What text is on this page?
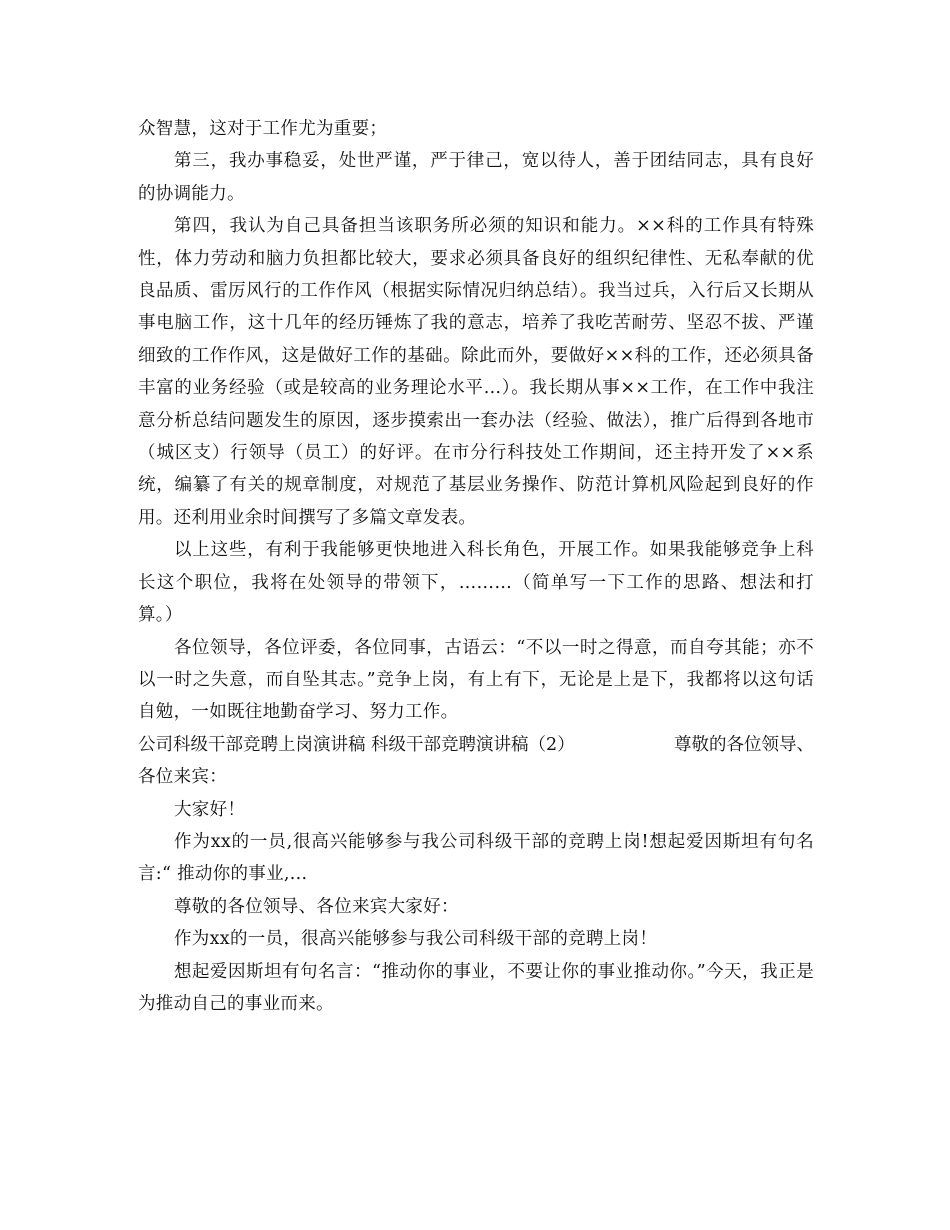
众智慧，这对于工作尤为重要；

第三，我办事稳妥，处世严谨，严于律己，宽以待人，善于团结同志，具有良好的协调能力。

第四，我认为自己具备担当该职务所必须的知识和能力。××科的工作具有特殊性，体力劳动和脑力负担都比较大，要求必须具备良好的组织纪律性、无私奉献的优良品质、雷厉风行的工作作风（根据实际情况归纳总结）。我当过兵，入行后又长期从事电脑工作，这十几年的经历锤炼了我的意志，培养了我吃苦耐劳、坚忍不拔、严谨细致的工作作风，这是做好工作的基础。除此而外，要做好××科的工作，还必须具备丰富的业务经验（或是较高的业务理论水平…）。我长期从事××工作，在工作中我注意分析总结问题发生的原因，逐步摸索出一套办法（经验、做法），推广后得到各地市（城区支）行领导（员工）的好评。在市分行科技处工作期间，还主持开发了××系统，编纂了有关的规章制度，对规范了基层业务操作、防范计算机风险起到良好的作用。还利用业余时间撰写了多篇文章发表。

以上这些，有利于我能够更快地进入科长角色，开展工作。如果我能够竞争上科长这个职位，我将在处领导的带领下，………（简单写一下工作的思路、想法和打算。）

各位领导，各位评委，各位同事，古语云：“不以一时之得意，而自夸其能；亦不以一时之失意，而自坠其志。”竞争上岗，有上有下，无论是上是下，我都将以这句话自勉，一如既往地勤奋学习、努力工作。

公司科级干部竞聘上岗演讲稿 科级干部竞聘演讲稿（2）	尊敬的各位领导、

各位来宾：

大家好！

作为xx的一员,很高兴能够参与我公司科级干部的竞聘上岗!想起爱因斯坦有句名言:“ 推动你的事业,...

尊敬的各位领导、各位来宾大家好：

作为xx的一员，很高兴能够参与我公司科级干部的竞聘上岗！

想起爱因斯坦有句名言：“推动你的事业，不要让你的事业推动你。”今天，我正是为推动自己的事业而来。
